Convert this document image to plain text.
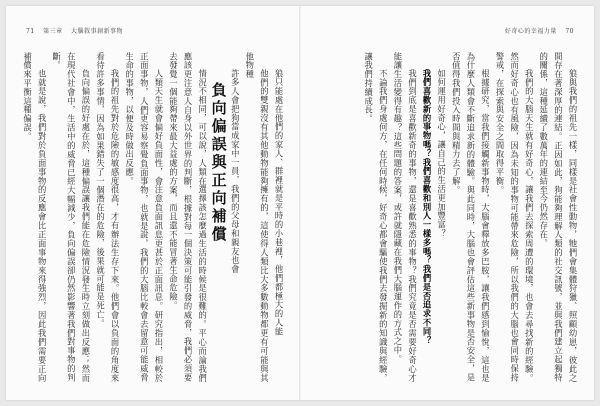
71 第三章 大腦敘事創新事物	好奇心的幸福力量 70

狼只能處在他們的家人、群裡就是平時的小巷裡，他們都極大的人能

他們的雙親沒有其他動物能夠擁有的，這使得人類比大多數動物都更有可能與其他物種

許多人會把狗當成家中一員，我們的父母和親友也會

負向偏誤與正向補償

情況不相同，可以說，人類在選擇該怎麼過生活的時候是很難的。平心而論我們應該更注意人自身以外世界的判斷，根據對每一個決策可能引發的威脅，我們必須要去發覺一個能夠帶來最大益處的方案，而且還不能冒著生命危險。

人類天生就會偏好負面性，會注意負面訊息更甚於正面訊息。研究指出，相較於正面事物，人們更容易察覺負面事物，也就是說，我們的大腦比較會去留意可能威脅生命的事物，以便及時做出反應。

我們的祖先對於危險的敏感度很高，才有辦法生存下來。他們會以負面的角度來看待許多事情，因為如果錯失了一個潛在的危險，後果就可能是死亡。

負向偏誤的好處在於，這種偏誤讓我們能在危險情況發生時立刻做出反應；然而在現代社會中，生活中的威脅已經大幅減少，負向偏誤卻仍然影響著我們對事物的判斷。

也就是說，我們對於負面事物的反應會比正面事物來得強烈，因此我們需要正向補償來平衡這種偏誤。	狼與我們的祖先一樣，同樣是社會性動物，牠們會集體狩獵、照顧幼崽，彼此之間存在著深厚的連結。正因如此，狗能夠理解人類的社交訊號，並與我們建立起獨特的關係，這種延續了數萬年的連結至今仍然存在。

我們的大腦天生就有好奇心，讓我們去探索周遭的環境，也會去尋找新的經驗。然而好奇心也有風險，因為未知的事物可能帶來危險，所以我們的大腦也會同時保持警戒，在探索與安全之間取得平衡。

根據研究，當我們接觸新事物時，大腦會釋放多巴胺，讓我們感到愉悅，這也是為什麼人類會不斷追求新的體驗。與此同時，大腦也會評估這些新事物是否安全，是否值得我們投入時間與精力去了解。

如何運用好奇心，讓自己的生活更加豐富？

我們喜歡新的事物嗎？我們喜歡和別人一樣多嗎？我們是否追求不同？

我們到底是喜歡新奇的事物，還是喜歡熟悉的事物？我們究竟是否需要好奇心才能讓生活變得有趣？這些問題的答案，或許就隱藏在我們大腦運作的方式之中。

不論我們身處何方，在任何時候，好奇心都會驅使我們去發掘新的知識與經驗，讓我們持續成長。
